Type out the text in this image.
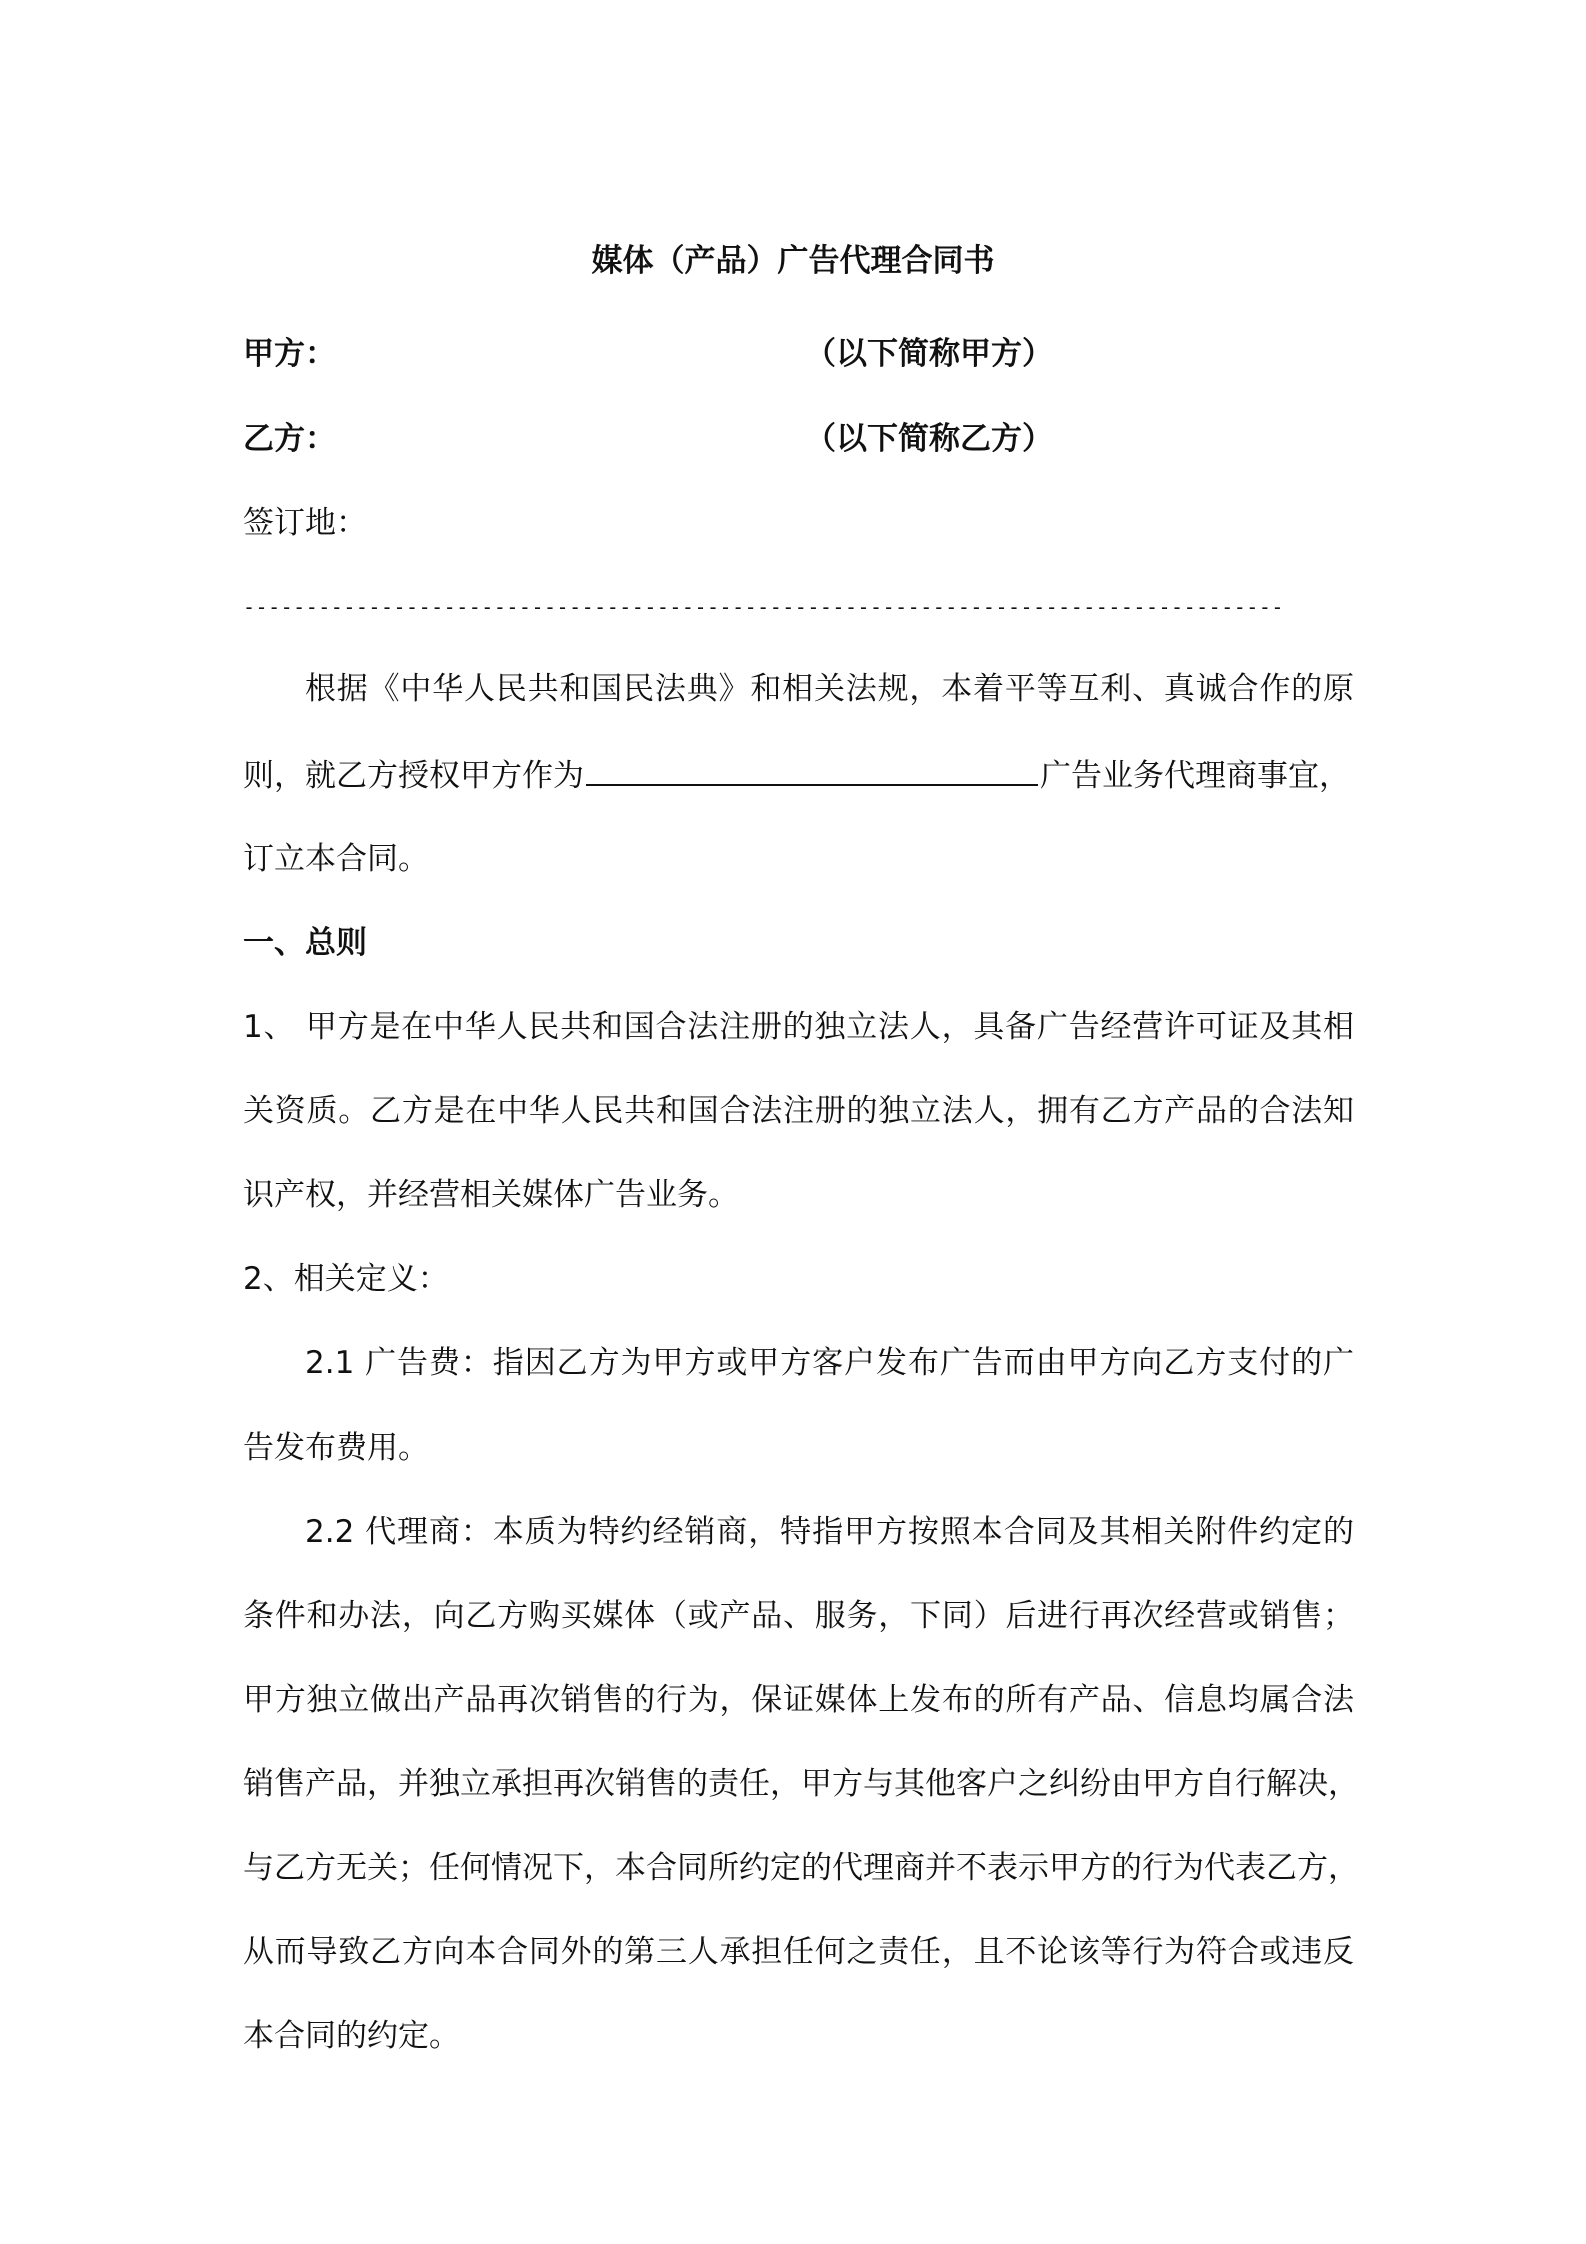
媒体（产品）广告代理合同书
甲方：	（以下简称甲方）
乙方：	（以下简称乙方）
签订地：
-----------------------------------------------------------------------------------
根据《中华人民共和国民法典》和相关法规，本着平等互利、真诚合作的原
则，就乙方授权甲方作为	广告业务代理商事宜，
订立本合同。
一、总则
1、 甲方是在中华人民共和国合法注册的独立法人，具备广告经营许可证及其相
关资质。乙方是在中华人民共和国合法注册的独立法人，拥有乙方产品的合法知
识产权，并经营相关媒体广告业务。
2、相关定义：
2.1 广告费：指因乙方为甲方或甲方客户发布广告而由甲方向乙方支付的广
告发布费用。
2.2 代理商：本质为特约经销商，特指甲方按照本合同及其相关附件约定的
条件和办法，向乙方购买媒体（或产品、服务，下同）后进行再次经营或销售；
甲方独立做出产品再次销售的行为，保证媒体上发布的所有产品、信息均属合法
销售产品，并独立承担再次销售的责任，甲方与其他客户之纠纷由甲方自行解决，
与乙方无关；任何情况下，本合同所约定的代理商并不表示甲方的行为代表乙方，
从而导致乙方向本合同外的第三人承担任何之责任，且不论该等行为符合或违反
本合同的约定。
